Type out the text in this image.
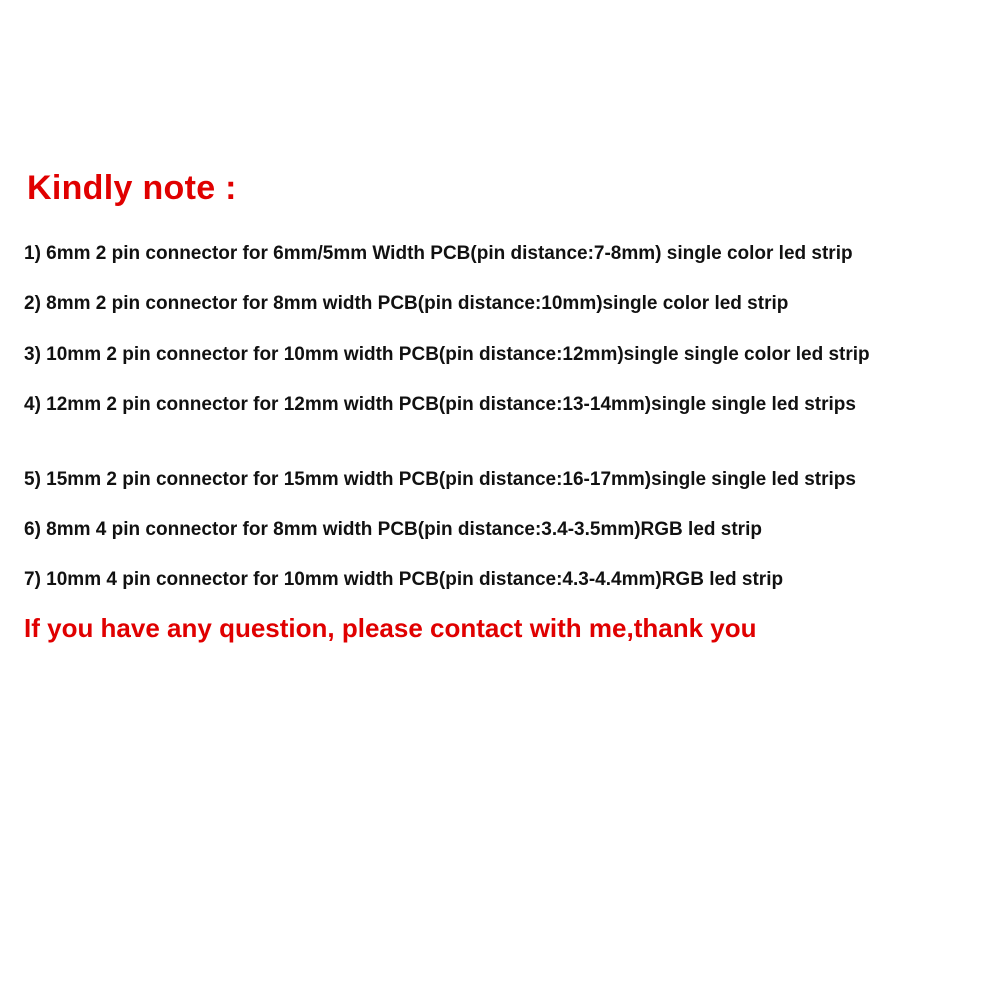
Kindly note :
1) 6mm 2 pin connector for 6mm/5mm Width PCB(pin distance:7-8mm) single color led strip
2) 8mm 2 pin connector for 8mm width PCB(pin distance:10mm)single color led strip
3) 10mm 2 pin connector for 10mm width PCB(pin distance:12mm)single single color led strip
4) 12mm 2 pin connector for 12mm width PCB(pin distance:13-14mm)single single led strips
5) 15mm 2 pin connector for 15mm width PCB(pin distance:16-17mm)single single led strips
6) 8mm 4 pin connector for 8mm width PCB(pin distance:3.4-3.5mm)RGB led strip
7) 10mm 4 pin connector for 10mm width PCB(pin distance:4.3-4.4mm)RGB led strip
If you have any question, please contact with me,thank you
